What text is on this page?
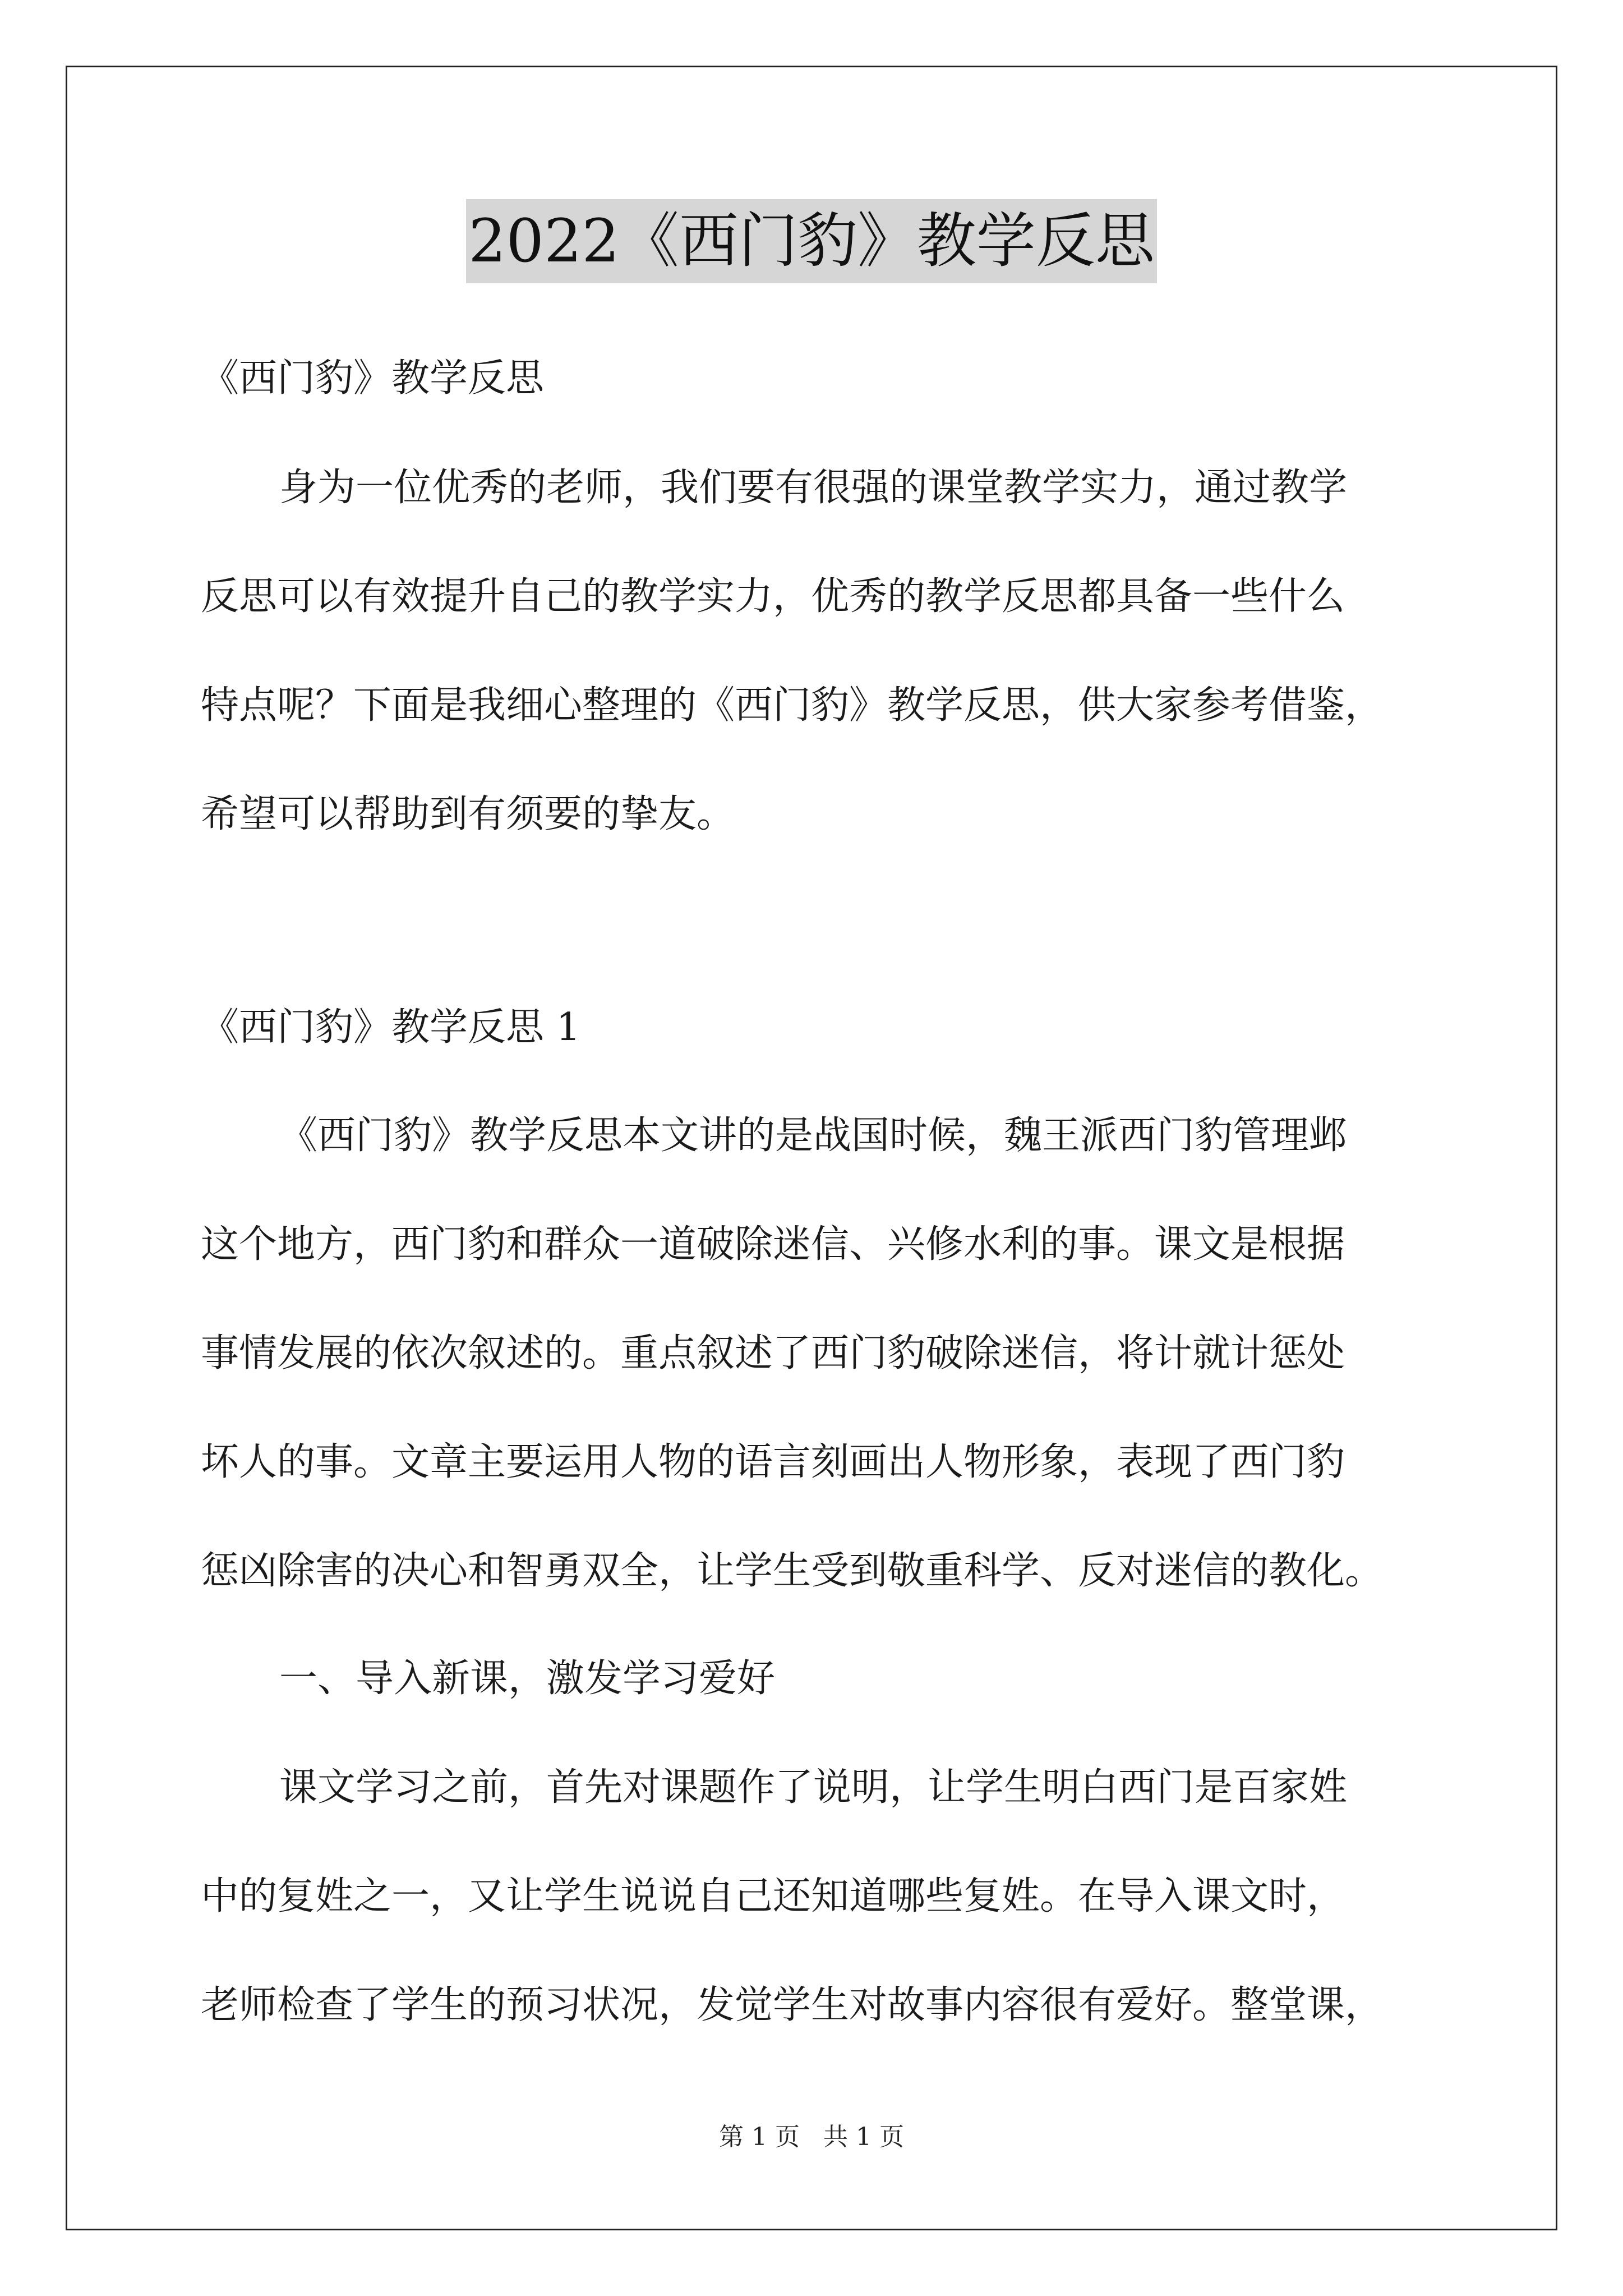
2022《西门豹》教学反思
《西门豹》教学反思
身为一位优秀的老师，我们要有很强的课堂教学实力，通过教学
反思可以有效提升自己的教学实力，优秀的教学反思都具备一些什么
特点呢？下面是我细心整理的《西门豹》教学反思，供大家参考借鉴，
希望可以帮助到有须要的挚友。
《西门豹》教学反思 1
《西门豹》教学反思本文讲的是战国时候，魏王派西门豹管理邺
这个地方，西门豹和群众一道破除迷信、兴修水利的事。课文是根据
事情发展的依次叙述的。重点叙述了西门豹破除迷信，将计就计惩处
坏人的事。文章主要运用人物的语言刻画出人物形象，表现了西门豹
惩凶除害的决心和智勇双全，让学生受到敬重科学、反对迷信的教化。
一、导入新课，激发学习爱好
课文学习之前，首先对课题作了说明，让学生明白西门是百家姓
中的复姓之一，又让学生说说自己还知道哪些复姓。在导入课文时，
老师检查了学生的预习状况，发觉学生对故事内容很有爱好。整堂课，
第 1 页 共 1 页
